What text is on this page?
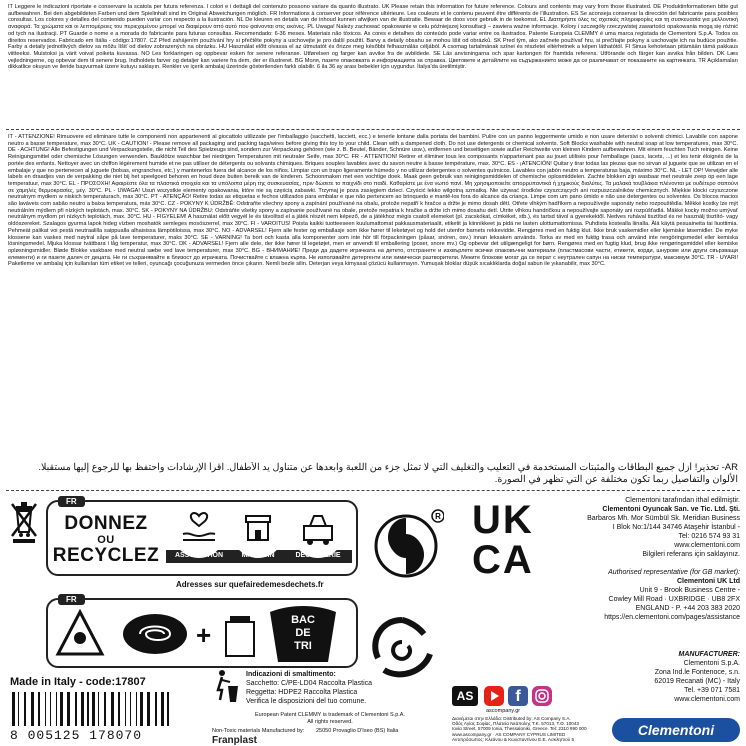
IT Leggere le indicazioni riportate e conservare la scatola per futura referenza. I colori e i dettagli del contenuto possono variare da quanto illustrato. UK Please retain this information for future reference. Colours and contents may vary from those illustrated. DE Produktinformationen bitte gut aufbewahren. Bei den abgebildeten Farben und dem Spielinhalt sind im Original Abweichungen möglich. FR Informations à conserver pour référence ultérieure. Les couleurs et le contenu peuvent être différents de l'illustration. ES Se aconseja conservar la dirección del fabricante para posibles consultas. Los colores y detalles del contenido pueden variar con respecto a la ilustración. NL De kleuren en details van de inhoud kunnen afwijken van de illustratie. Bewaar de doos voor gebruik in de toekomst. EL Διατηρήστε όλες τις σχετικές πληροφορίες και τη συσκευασία για μελλοντική αναφορά. Τα χρώματα και οι λεπτομέρειες του περιεχομένου μπορεί να διαφέρουν από αυτό που φαίνονται στις εικόνες. PL Uwaga! Należy zachować opakowanie w celu późniejszej konsultacji – zawiera ważne informacje. Kolory i szczegóły rzeczywistej zawartości opakowania mogą się różnić od tych na ilustracji. PT Guarde o nome e a morada do fabricante para futuras consultas. Recomendado: 6-36 meses. Materiais não tóxicos. As cores e detalhes do conteúdo pode variar entre os ilustrados. Patente Europeia CLEMMY é uma marca registada de Clementoni S.p.A. Todos os direitos reservados. Fabricado em Itália - código:17807. CZ Před zahájením používání hry si přečtěte pokyny a uschovejte je pro další použití. Barvy a detaily obsahu se mohou lišit od obrázků. SK Pred tým, ako začnete používať hru, si prečítajte pokyny a uschovajte ich na budúce použitie. Farby a detaily jednotlivých dielov sa môžu líšiť od dielov zobrazených na obrázku. HU Használat előtt olvassa el az útmutatót és őrizze meg későbbi felhasználás céljából. A csomag tartalmának színei és részletei eltérhetnek a képen láthatótól. FI Sinua kehotetaan pitämään tämä pakkaus viitteeksi. Muistoksi ja värit voivat poiketa kuvassa. NO Les forklaringen og oppbevar esken for senere referanse. Utførelsen og farger kan avvike fra de avbildede. SE Läs anvisningarna och spar kartongen för framtida referens. Utförande och färger kan avvika från bilden. DK Læs vejledningerne, og opbevar dem til senere brug. Indholdets farver og detaljer kan variere fra dem, der er illustreret. BG Моля, пазете опаковката и информацията за справка. Цветовете и детайлите на съдържанието може да се различават от показаните на картинката. TR Açıklamaları dikkatlice okuyun ve ileride başvurmak üzere kutuyu saklayın. Renkler ve içerik ambalaj üzerinde gösterilenden farklı olabilir. 6 ila 36 ay arası bebekler için uygundur. İtalya'da üretilmiştir.
IT - ATTENZIONE! Rimuovere ed eliminare tutte le componenti non appartenenti al giocattolo utilizzate per l'imballaggio (sacchetti, lacciett, ecc.) e tenerle lontane dalla portata dei bambini. Pulire con un panno leggermente umido e non usare detersivi o solventi chimici. Lavabile con sapone neutro a basse temperature, max 30°C. UK - CAUTION! - Please remove all packaging and packing tags/wires before giving this toy to your child. Clean with a dampened cloth. Do not use detergents or chemical solvents. Soft Blocks washable with neutral soap at low temperatures, max 30°C. DE - ACHTUNG! Alle Befestigungen und Verpackungsteile, die nicht Teil des Spielzeugs sind, sondern zur Verpackung gehören (wie z. B. Beutel, Bänder, Schnüre usw.), entfernen und beseitigen sowie außer Reichweite von kleinen Kindern aufbewahren. Mit einem feuchten Tuch reinigen. Keine Reinigungsmittel oder chemische Lösungen verwenden. Bauklötze waschbar bei niedrigen Temperaturen mit neutraler Seife, max 30°C. FR - ATTENTION! Retirer et éliminer tous les composants n'appartenant pas au jouet utilisés pour l'emballage (sacs, lacets, ...) et les tenir éloignés de la portée des enfants. Nettoyer avec un chiffon légèrement humide et ne pas utiliser de détergents ou solvants chimiques. Briques souples lavables avec du savon neutre à basse température, max. 30°C. ES - ¡ATENCIÓN! Quitar y tirar todas las piezas que no sirvan al juguete que se utilizan en el embalaje y que no pertenecen al juguete (bolsas, engranches, etc.) y mantenerlos fuera del alcance de los niños. Limpiar con un trapo ligeramente húmedo y no utilizar detergentes o solventes químicos. Lavables con jabón neutro a temperaturas baja, máximo 30°C. NL - LET OP! Verwijder alle labels en draadjes van de verpakking die niet bij het speelgoed behoren en houd deze buiten bereik van de kinderen. Schoonmaken met een vochtige doek. Maak geen gebruik van reinigingsmiddelen of chemische oplosmiddelen. Zachte blokken zijn wasbaar met neutrale zeep op een lage temperatuur, max 30°C. EL - ΠΡΟΣΟΧΗ! Αφαιρέστε όλα τα πλαστικά στοιχεία και τα υπόλοιπα μέρη της συσκευασίας, πριν δώσετε το παιχνίδι στο παιδί. Καθαρίστε με ένα νωπό πανί. Μη χρησιμοποιείτε απορρυπαντικά ή χημικούς διαλύτες. Τα μαλακά τουβλάκια πλένονται με ουδέτερο σαπούνι σε χαμηλές θερμοκρασίες, μέγ. 30°C. PL - UWAGA! Usuń wszystkie elementy opakowania, które nie są częścią zabawki. Trzymaj je poza zasięgiem dzieci. Czyścić lekko wilgotną szmatką. Nie używać środków czyszczących ani rozpuszczalników chemicznych. Miękkie klocki czyszczone neutralnym mydłem w niskich temperaturach, max 30°C. PT - ATENÇÃO! Retire todas as etiquetas e fechos utilizados para embalar e que não pertencem ao brinquedo e mantê-los fora do alcance da criança. Limpe com um pano úmido e não use detergentes ou solventes. Os blocos macios são laváveis com sabão neutro a baixa temperatura, máx 30°C. CZ - POKYNY K ÚDRŽBĚ: Odstraňte všechny spony a zapínání používané na obalu, protože nepatří k hračce a držte je mimo dosah dětí. Otřete vlhkým hadříkem a nepoužívejte saponáty nebo rozpouštědla. Měkké kostky lze mýt neutrálním mýdlem při nízkých teplotách, max. 30°C. SK - POKYNY NA ÚDRŽBU: Odstráňte všetky spony a zapínanie používané na obale, pretože nepatria k hračke a držte ich mimo dosahu detí. Utrite vlhkou handričkou a nepoužívajte saponáty ani rozpúšťadlá. Mäkké kocky možno umývať neutrálnym mydlom pri nízkych teplotách, max. 30°C. HU - FIGYELEM! A használat előtt vegyél le és távolítsd el a játék részét nem képező, de a játékhoz mégis csatolt elemeket (pl. zacskókat, címkéket, stb.), és tartsd távol a gyerekektől. Nedves ruhával tisztítsd és ne használj tisztító- vagy oldószereket. Szalagos gyurma lapok hideg vízben moshatók semleges mosószerrel, max 30°C. FI - VAROITUS! Poista kaikki tuotteeseen kuulumattomat pakkausmateriaalit, etiketit ja kiinnikkeet ja pidä ne lasten ulottumattomissa. Puhdista kostealla liinalla. Älä käytä pesuaineita tai liuottimia. Pehmeät palikat voi pestä neutraalilla saippualla alhaisissa lämpötiloissa, max 30°C. NO - ADVARSEL! Fjern alle fester og emballasje som ikke hører til leketøyet og hold det utenfor barnets rekkevidde. Rengjøres med en fuktig klut. Ikke bruk vaskemidler eller kjemiske løsemidler. De myke klossene kan vaskes med nøytral såpe på lave temperaturer, maks 30°C. SE - VARNING! Ta bort och kasta alla komponenter som inte hör till förpackningen (påsar, snören, osv.) innan leksaken används. Torka av med en fuktig trasa och använd inte rengöringsmedel eller kemiska lösningsmedel. Mjuka klossar tvättbara i låg temperatur, max 30°C. DK - ADVARSEL! Fjern alle dele, der ikke hører til legetøjet, men er anvendt til emballering (poser, snore mv.) Og opbevar det utilgængeligt for børn. Rengøres med en fugtig klud, brug ikke rengøringsmiddel eller kemiske opløsningsmidler. Bløde Blokke vaskbare med neutral sæbe ved lave temperaturer, max 30°C. BG - ВНИМАНИЕ! Преди да дадете играчката на детето, отстранете и изхвърлете всички опаковъчни материали (пластмасови части, етикети, корди, шнурове или други свързващи елементи) и ги пазете далеч от децата. Не ги съхранявайте в близост до играчката. Почиствайте с влажна кърпа. Не използвайте детергенти или химически разтворители. Меките блокове могат да се перат с неутрален сапун на ниски температури, максимум 30°C. TR - UYARI! Paketleme ve ambalaj için kullanılan tüm etiket ve telleri, oyuncağı çocuğunuza vermeden önce çıkarın. Nemli bezle silin. Deterjan veya kimyasal çözücü kullanmayın. Yumuşak bloklar düşük sıcaklıklarda doğal sabun ile yıkanabilir, max 30°C.
AR- تحذير! أزل جميع البطاقات والمثبتات المستخدمة في التعليب والتغليف التي لا تمثل جزء من اللعبة وابعدها عن متناول يد الأطفال. اقرأ الإرشادات واحتفظ بها للرجوع إليها مستقبلا.
الألوان والتفاصيل ربما تكون مختلفة عن التي تظهر في الصورة.
FR
DONNEZ
OU
RECYCLEZ	ASSOCIATION	MAGASIN	DÉCHETERIE
Adresses sur quefairedemesdechets.fr
FR
+	BAC
DE
TRI
R UK
CA
Clementoni tarafından ithal edilmiştir.
Clementoni Oyuncak San. ve Tic. Ltd. Şti.
Barbaros Mh. Mor Sümbül Sk. Meridian Business
I Blok No:1/144 34746 Ataşehir İstanbul -
Tel: 0216 574 93 31
www.clementoni.com
Bilgileri referans için saklayınız.
Authorised representative (for GB market):
Clementoni UK Ltd
Unit 9 - Brook Business Centre -
Cowley Mill Road · UXBRIDGE · UB8 2FX
ENGLAND - P. +44 203 383 2020
https://en.clementoni.com/pages/assistance
Made in Italy - code:17807
Indicazioni di smaltimento:
Sacchetto: C/PE-LD04 Raccolta Plastica
Reggetta: HDPE2 Raccolta Plastica
Verifica le disposizioni del tuo comune.
European Patent CLEMMY is trademark of Clementoni S.p.A.
All rights reserved.
8 005125 178070	Non-Toxic materials Manufactured by:
Franplast
25050 Provaglio D'Iseo (BS) Italia
AS	f
ascompany.gr
Διανέμεται στην Ελλάδα: Distributed by: AS Company S.A.
Οδός Αγίας Σοφίας, Πλατεία Νεάπολης Τ.Κ. 57013, Τ.Θ. 10043
Ιονία Street, 57009 Ionia, Thessaloniki, Greece. Tel: 2310 990 000
www.ascompany.gr · AS COMPANY CYPRUS LIMITED
Αντιπρόσωπος: Κλεάνου & Κωνσταντίνου Ε.Ε. Ασκληπιού 5
MANUFACTURER:
Clementoni S.p.A.
Zona Ind.le Fontenoce, s.n.
62019 Recanati (MC) - Italy
Tel. +39 071 7581
www.clementoni.com
Clementoni
